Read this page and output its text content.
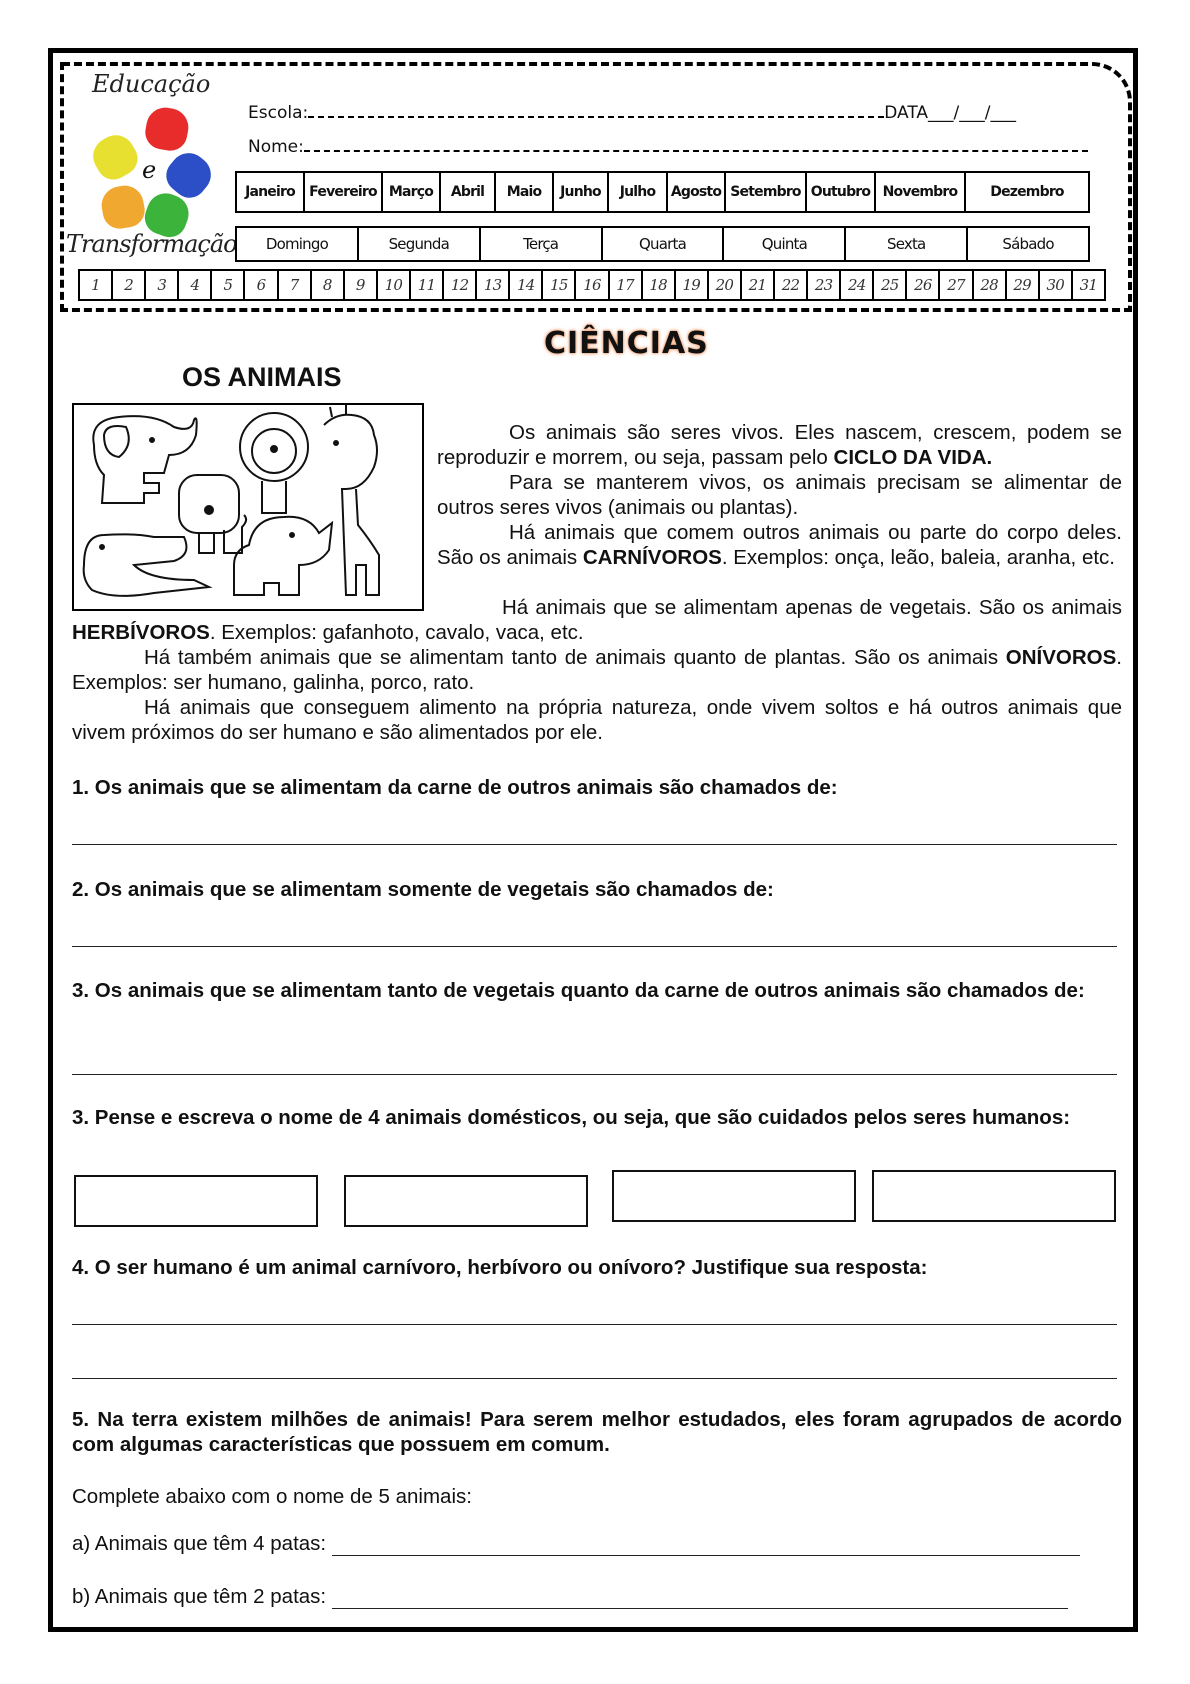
Educação
e
Transformação
Escola:	DATA___/___/___
Nome:
Janeiro	Fevereiro Março	Abril	Maio	Junho	Julho	Agosto Setembro Outubro Novembro	Dezembro
Domingo	Segunda	Terça	Quarta	Quinta	Sexta	Sábado
1	2	3	4	5	6	7	8	9	10	11	12	13	14	15	16	17	18	19	20	21	22	23	24	25	26	27	28	29	30	31
CIÊNCIAS
OS ANIMAIS

Os animais são seres vivos. Eles nascem, crescem, podem se reproduzir e morrem, ou seja, passam pelo CICLO DA VIDA.

Para se manterem vivos, os animais precisam se alimentar de outros seres vivos (animais ou plantas).

Há animais que comem outros animais ou parte do corpo deles. São os animais CARNÍVOROS. Exemplos: onça, leão, baleia, aranha, etc.

Há animais que se alimentam apenas de vegetais. São os animais HERBÍVOROS. Exemplos: gafanhoto, cavalo, vaca, etc.

Há também animais que se alimentam tanto de animais quanto de plantas. São os animais ONÍVOROS. Exemplos: ser humano, galinha, porco, rato.

Há animais que conseguem alimento na própria natureza, onde vivem soltos e há outros animais que vivem próximos do ser humano e são alimentados por ele.

1. Os animais que se alimentam da carne de outros animais são chamados de:
2. Os animais que se alimentam somente de vegetais são chamados de:
3. Os animais que se alimentam tanto de vegetais quanto da carne de outros animais são chamados de:
3. Pense e escreva o nome de 4 animais domésticos, ou seja, que são cuidados pelos seres humanos:
4. O ser humano é um animal carnívoro, herbívoro ou onívoro? Justifique sua resposta:
5. Na terra existem milhões de animais! Para serem melhor estudados, eles foram agrupados de acordo com algumas características que possuem em comum.
Complete abaixo com o nome de 5 animais:
a) Animais que têm 4 patas:
b) Animais que têm 2 patas:
